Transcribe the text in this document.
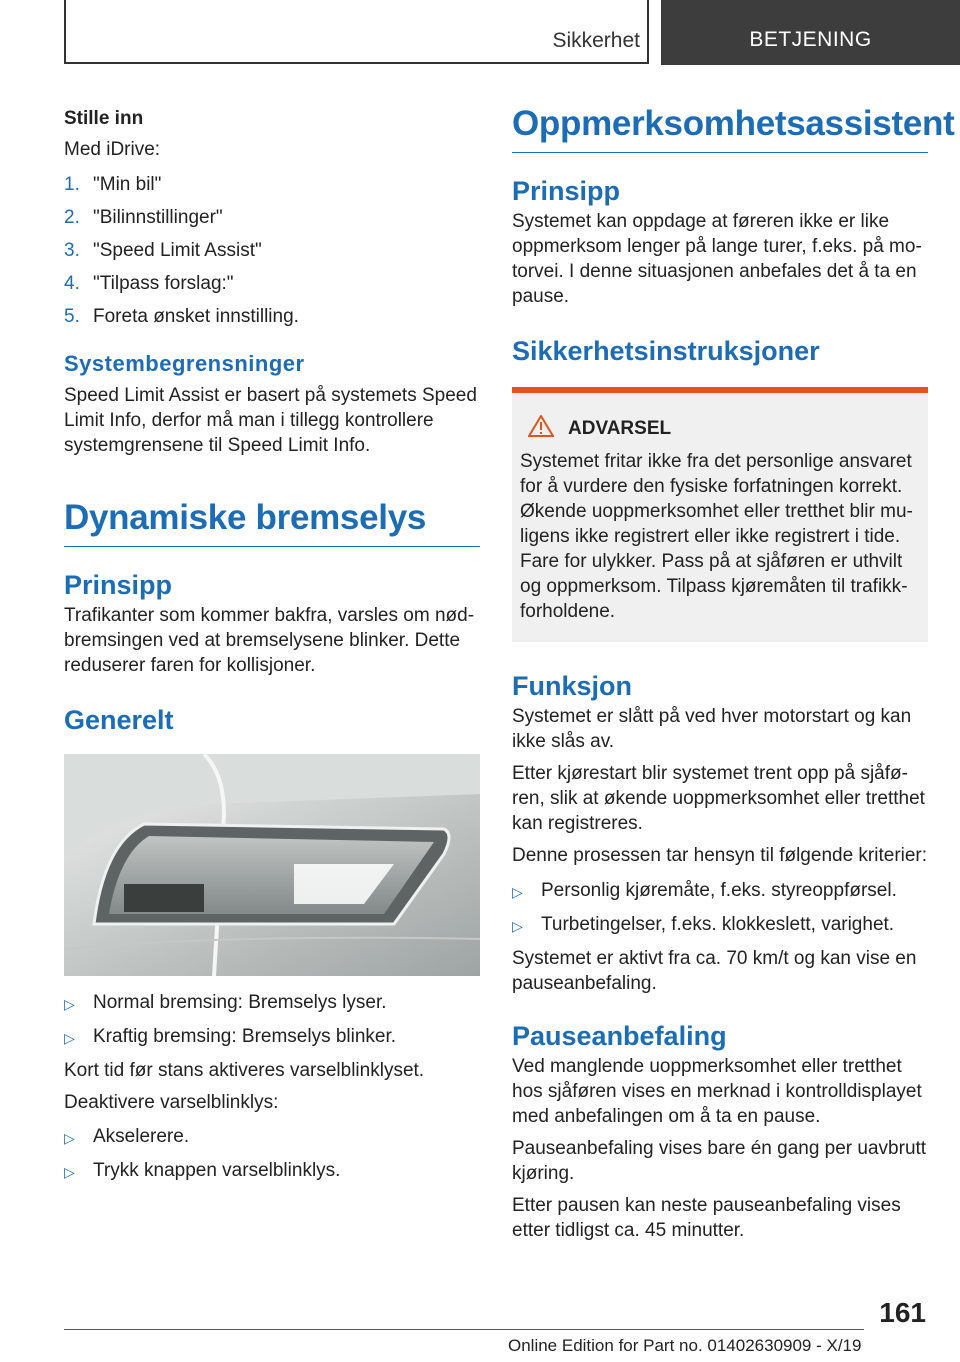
Sikkerhet	BETJENING

Stille inn

Med iDrive:

1. "Min bil"
2. "Bilinnstillinger"
3. "Speed Limit Assist"
4. "Tilpass forslag:"
5. Foreta ønsket innstilling.
Systembegrensninger

Speed Limit Assist er basert på systemets Speed Limit Info, derfor må man i tillegg kontrollere systemgrensene til Speed Limit Info.

Dynamiske bremselys
Prinsipp

Trafikanter som kommer bakfra, varsles om nødbremsingen ved at bremselysene blinker. Dette reduserer faren for kollisjoner.

Generelt
▷ Normal bremsing: Bremselys lyser.
▷ Kraftig bremsing: Bremselys blinker.

Kort tid før stans aktiveres varselblinklyset.

Deaktivere varselblinklys:

▷ Akselerere.
▷ Trykk knappen varselblinklys.
Oppmerksomhetsassistent
Prinsipp

Systemet kan oppdage at føreren ikke er like oppmerksom lenger på lange turer, f.eks. på motorvei. I denne situasjonen anbefales det å ta en pause.

Sikkerhetsinstruksjoner
ADVARSEL

Systemet fritar ikke fra det personlige ansvaret for å vurdere den fysiske forfatningen korrekt. Økende uoppmerksomhet eller tretthet blir muligens ikke registrert eller ikke registrert i tide. Fare for ulykker. Pass på at sjåføren er uthvilt og oppmerksom. Tilpass kjøremåten til trafikkforholdene.

Funksjon

Systemet er slått på ved hver motorstart og kan ikke slås av.

Etter kjørestart blir systemet trent opp på sjåføren, slik at økende uoppmerksomhet eller tretthet kan registreres.

Denne prosessen tar hensyn til følgende kriterier:

▷ Personlig kjøremåte, f.eks. styreoppførsel.
▷ Turbetingelser, f.eks. klokkeslett, varighet.

Systemet er aktivt fra ca. 70 km/t og kan vise en pauseanbefaling.

Pauseanbefaling

Ved manglende uoppmerksomhet eller tretthet hos sjåføren vises en merknad i kontrolldisplayet med anbefalingen om å ta en pause.

Pauseanbefaling vises bare én gang per uavbrutt kjøring.

Etter pausen kan neste pauseanbefaling vises etter tidligst ca. 45 minutter.

161
Online Edition for Part no. 01402630909 - X/19
